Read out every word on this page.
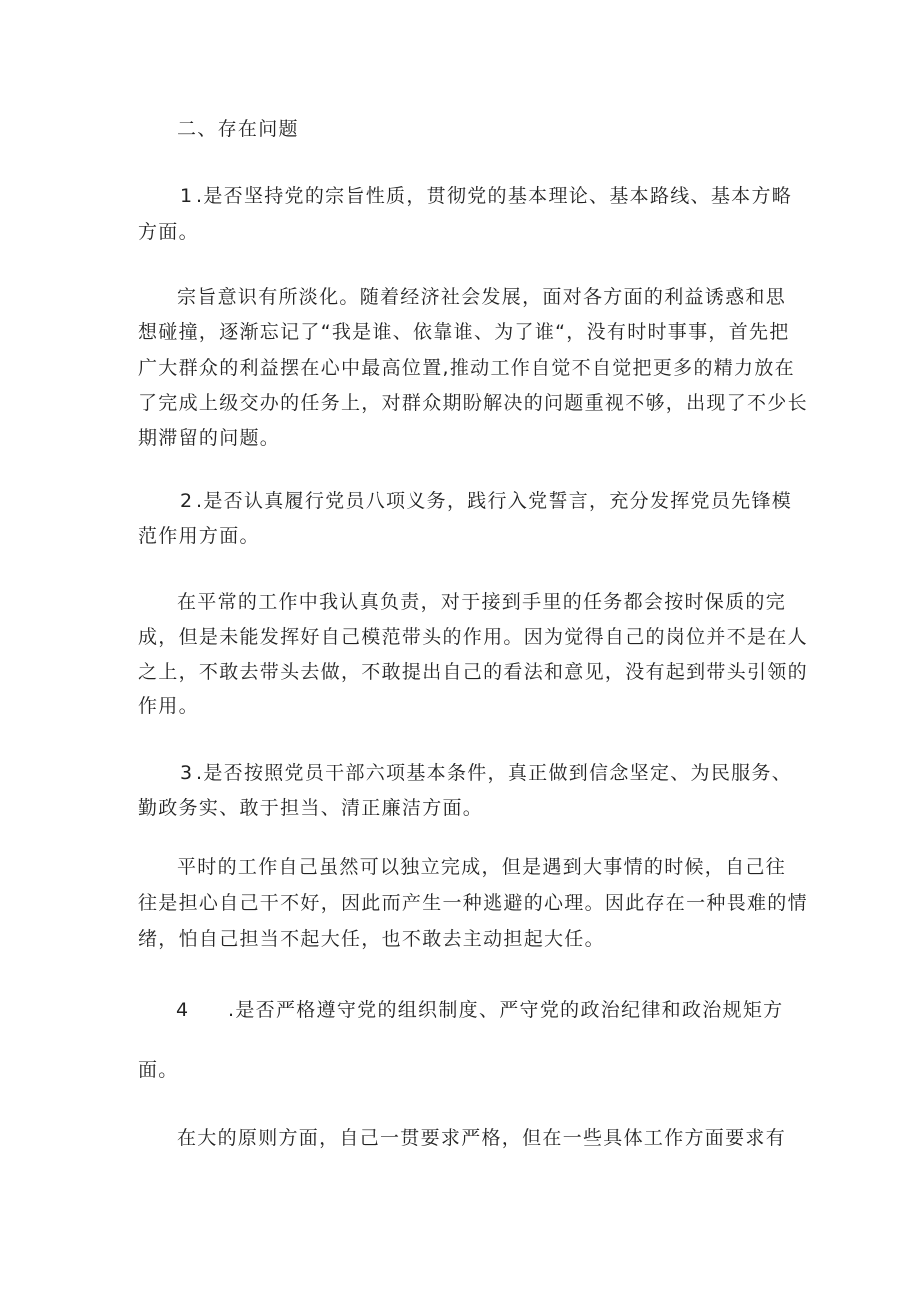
二、存在问题
1 .是否坚持党的宗旨性质，贯彻党的基本理论、基本路线、基本方略
方面。
宗旨意识有所淡化。随着经济社会发展，面对各方面的利益诱惑和思
想碰撞，逐渐忘记了“我是谁、依靠谁、为了谁“，没有时时事事，首先把
广大群众的利益摆在心中最高位置,推动工作自觉不自觉把更多的精力放在
了完成上级交办的任务上，对群众期盼解决的问题重视不够，出现了不少长
期滞留的问题。
2 .是否认真履行党员八项义务，践行入党誓言，充分发挥党员先锋模
范作用方面。
在平常的工作中我认真负责，对于接到手里的任务都会按时保质的完
成，但是未能发挥好自己模范带头的作用。因为觉得自己的岗位并不是在人
之上，不敢去带头去做，不敢提出自己的看法和意见，没有起到带头引领的
作用。
3 .是否按照党员干部六项基本条件，真正做到信念坚定、为民服务、
勤政务实、敢于担当、清正廉洁方面。
平时的工作自己虽然可以独立完成，但是遇到大事情的时候，自己往
往是担心自己干不好，因此而产生一种逃避的心理。因此存在一种畏难的情
绪，怕自己担当不起大任，也不敢去主动担起大任。
4 .是否严格遵守党的组织制度、严守党的政治纪律和政治规矩方
面。
在大的原则方面，自己一贯要求严格，但在一些具体工作方面要求有
